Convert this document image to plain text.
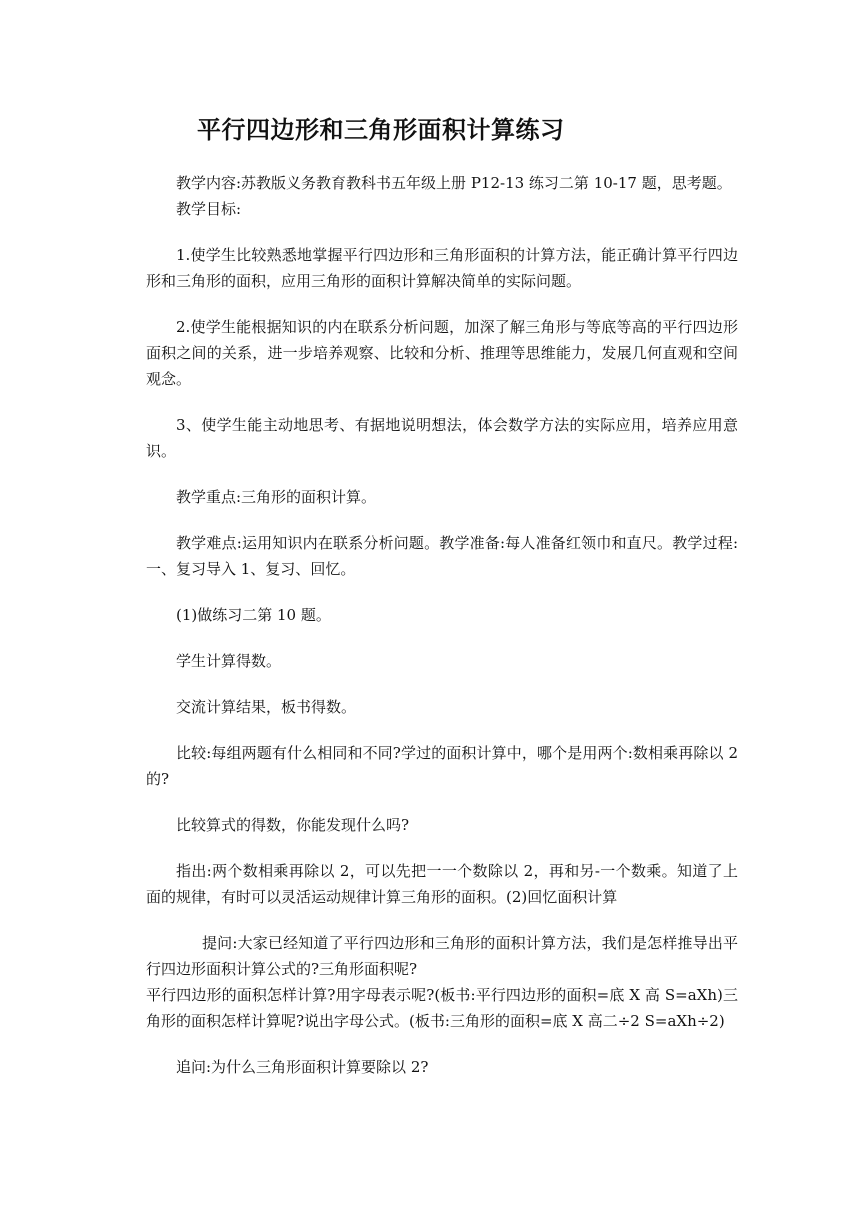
平行四边形和三角形面积计算练习

教学内容:苏教版义务教育教科书五年级上册 P12-13 练习二第 10-17 题，思考题。

教学目标:

1.使学生比较熟悉地掌握平行四边形和三角形面积的计算方法，能正确计算平行四边形和三角形的面积，应用三角形的面积计算解决简单的实际问题。

2.使学生能根据知识的内在联系分析问题，加深了解三角形与等底等高的平行四边形面积之间的关系，进一步培养观察、比较和分析、推理等思维能力，发展几何直观和空间观念。

3、使学生能主动地思考、有据地说明想法，体会数学方法的实际应用，培养应用意识。

教学重点:三角形的面积计算。

教学难点:运用知识内在联系分析问题。教学准备:每人准备红领巾和直尺。教学过程:一、复习导入 1、复习、回忆。

(1)做练习二第 10 题。

学生计算得数。

交流计算结果，板书得数。

比较:每组两题有什么相同和不同?学过的面积计算中，哪个是用两个:数相乘再除以 2 的?

比较算式的得数，你能发现什么吗?

指出:两个数相乘再除以 2，可以先把一一个数除以 2，再和另-一个数乘。知道了上面的规律，有时可以灵活运动规律计算三角形的面积。(2)回忆面积计算

提问:大家已经知道了平行四边形和三角形的面积计算方法，我们是怎样推导出平行四边形面积计算公式的?三角形面积呢?

平行四边形的面积怎样计算?用字母表示呢?(板书:平行四边形的面积=底 X 高 S=aXh)三角形的面积怎样计算呢?说出字母公式。(板书:三角形的面积=底 X 高二÷2 S=aXh÷2)

追问:为什么三角形面积计算要除以 2?
